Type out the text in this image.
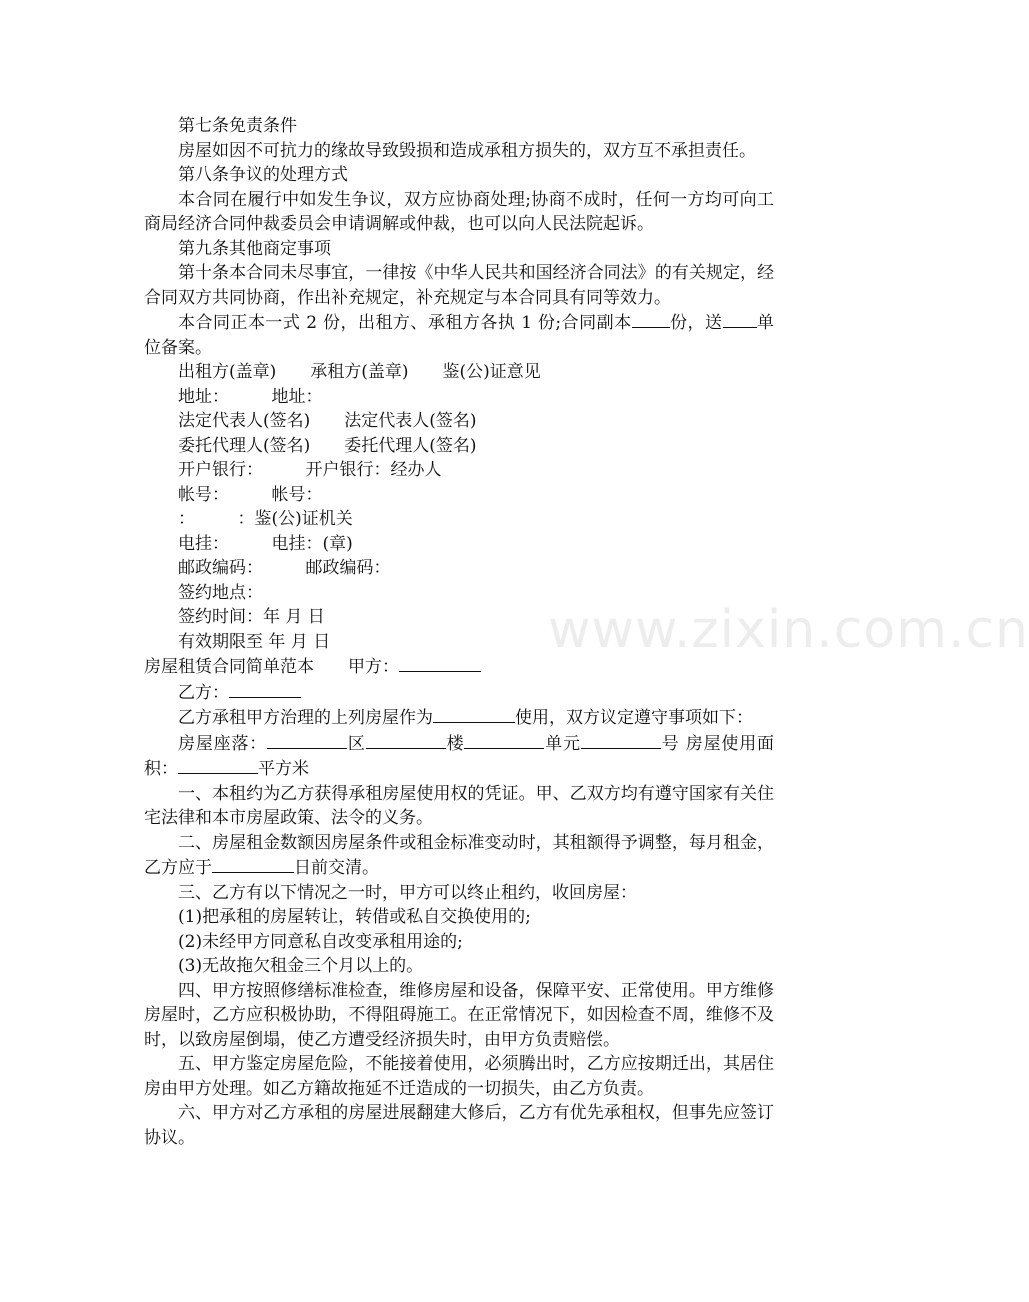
第七条免责条件

房屋如因不可抗力的缘故导致毁损和造成承租方损失的，双方互不承担责任。

第八条争议的处理方式

本合同在履行中如发生争议，双方应协商处理;协商不成时，任何一方均可向工商局经济合同仲裁委员会申请调解或仲裁，也可以向人民法院起诉。

第九条其他商定事项

第十条本合同未尽事宜，一律按《中华人民共和国经济合同法》的有关规定，经合同双方共同协商，作出补充规定，补充规定与本合同具有同等效力。

本合同正本一式 2 份，出租方、承租方各执 1 份;合同副本 份，送 单位备案。

出租方(盖章)　　承租方(盖章)　　鉴(公)证意见

地址：　　　地址：

法定代表人(签名)　　法定代表人(签名)

委托代理人(签名)　　委托代理人(签名)

开户银行：　　　开户银行：经办人

帐号：　　　帐号：

：　　　：鉴(公)证机关

电挂：　　　电挂：(章)

邮政编码：　　　邮政编码：

签约地点：

签约时间：年 月 日

有效期限至 年 月 日

房屋租赁合同简单范本　　 甲方：

乙方：

乙方承租甲方治理的上列房屋作为	使用，双方议定遵守事项如下：

房屋座落：	区	楼	单元	号 房屋使用面积：	平方米

一、本租约为乙方获得承租房屋使用权的凭证。甲、乙双方均有遵守国家有关住宅法律和本市房屋政策、法令的义务。

二、房屋租金数额因房屋条件或租金标准变动时，其租额得予调整，每月租金，乙方应于	日前交清。

三、乙方有以下情况之一时，甲方可以终止租约，收回房屋：

(1)把承租的房屋转让，转借或私自交换使用的;

(2)未经甲方同意私自改变承租用途的;

(3)无故拖欠租金三个月以上的。

四、甲方按照修缮标准检查，维修房屋和设备，保障平安、正常使用。甲方维修房屋时，乙方应积极协助，不得阻碍施工。在正常情况下，如因检查不周，维修不及时，以致房屋倒塌，使乙方遭受经济损失时，由甲方负责赔偿。

五、甲方鉴定房屋危险，不能接着使用，必须腾出时，乙方应按期迁出，其居住房由甲方处理。如乙方籍故拖延不迁造成的一切损失，由乙方负责。

六、甲方对乙方承租的房屋进展翻建大修后，乙方有优先承租权，但事先应签订协议。

www.zixin.com.cn
